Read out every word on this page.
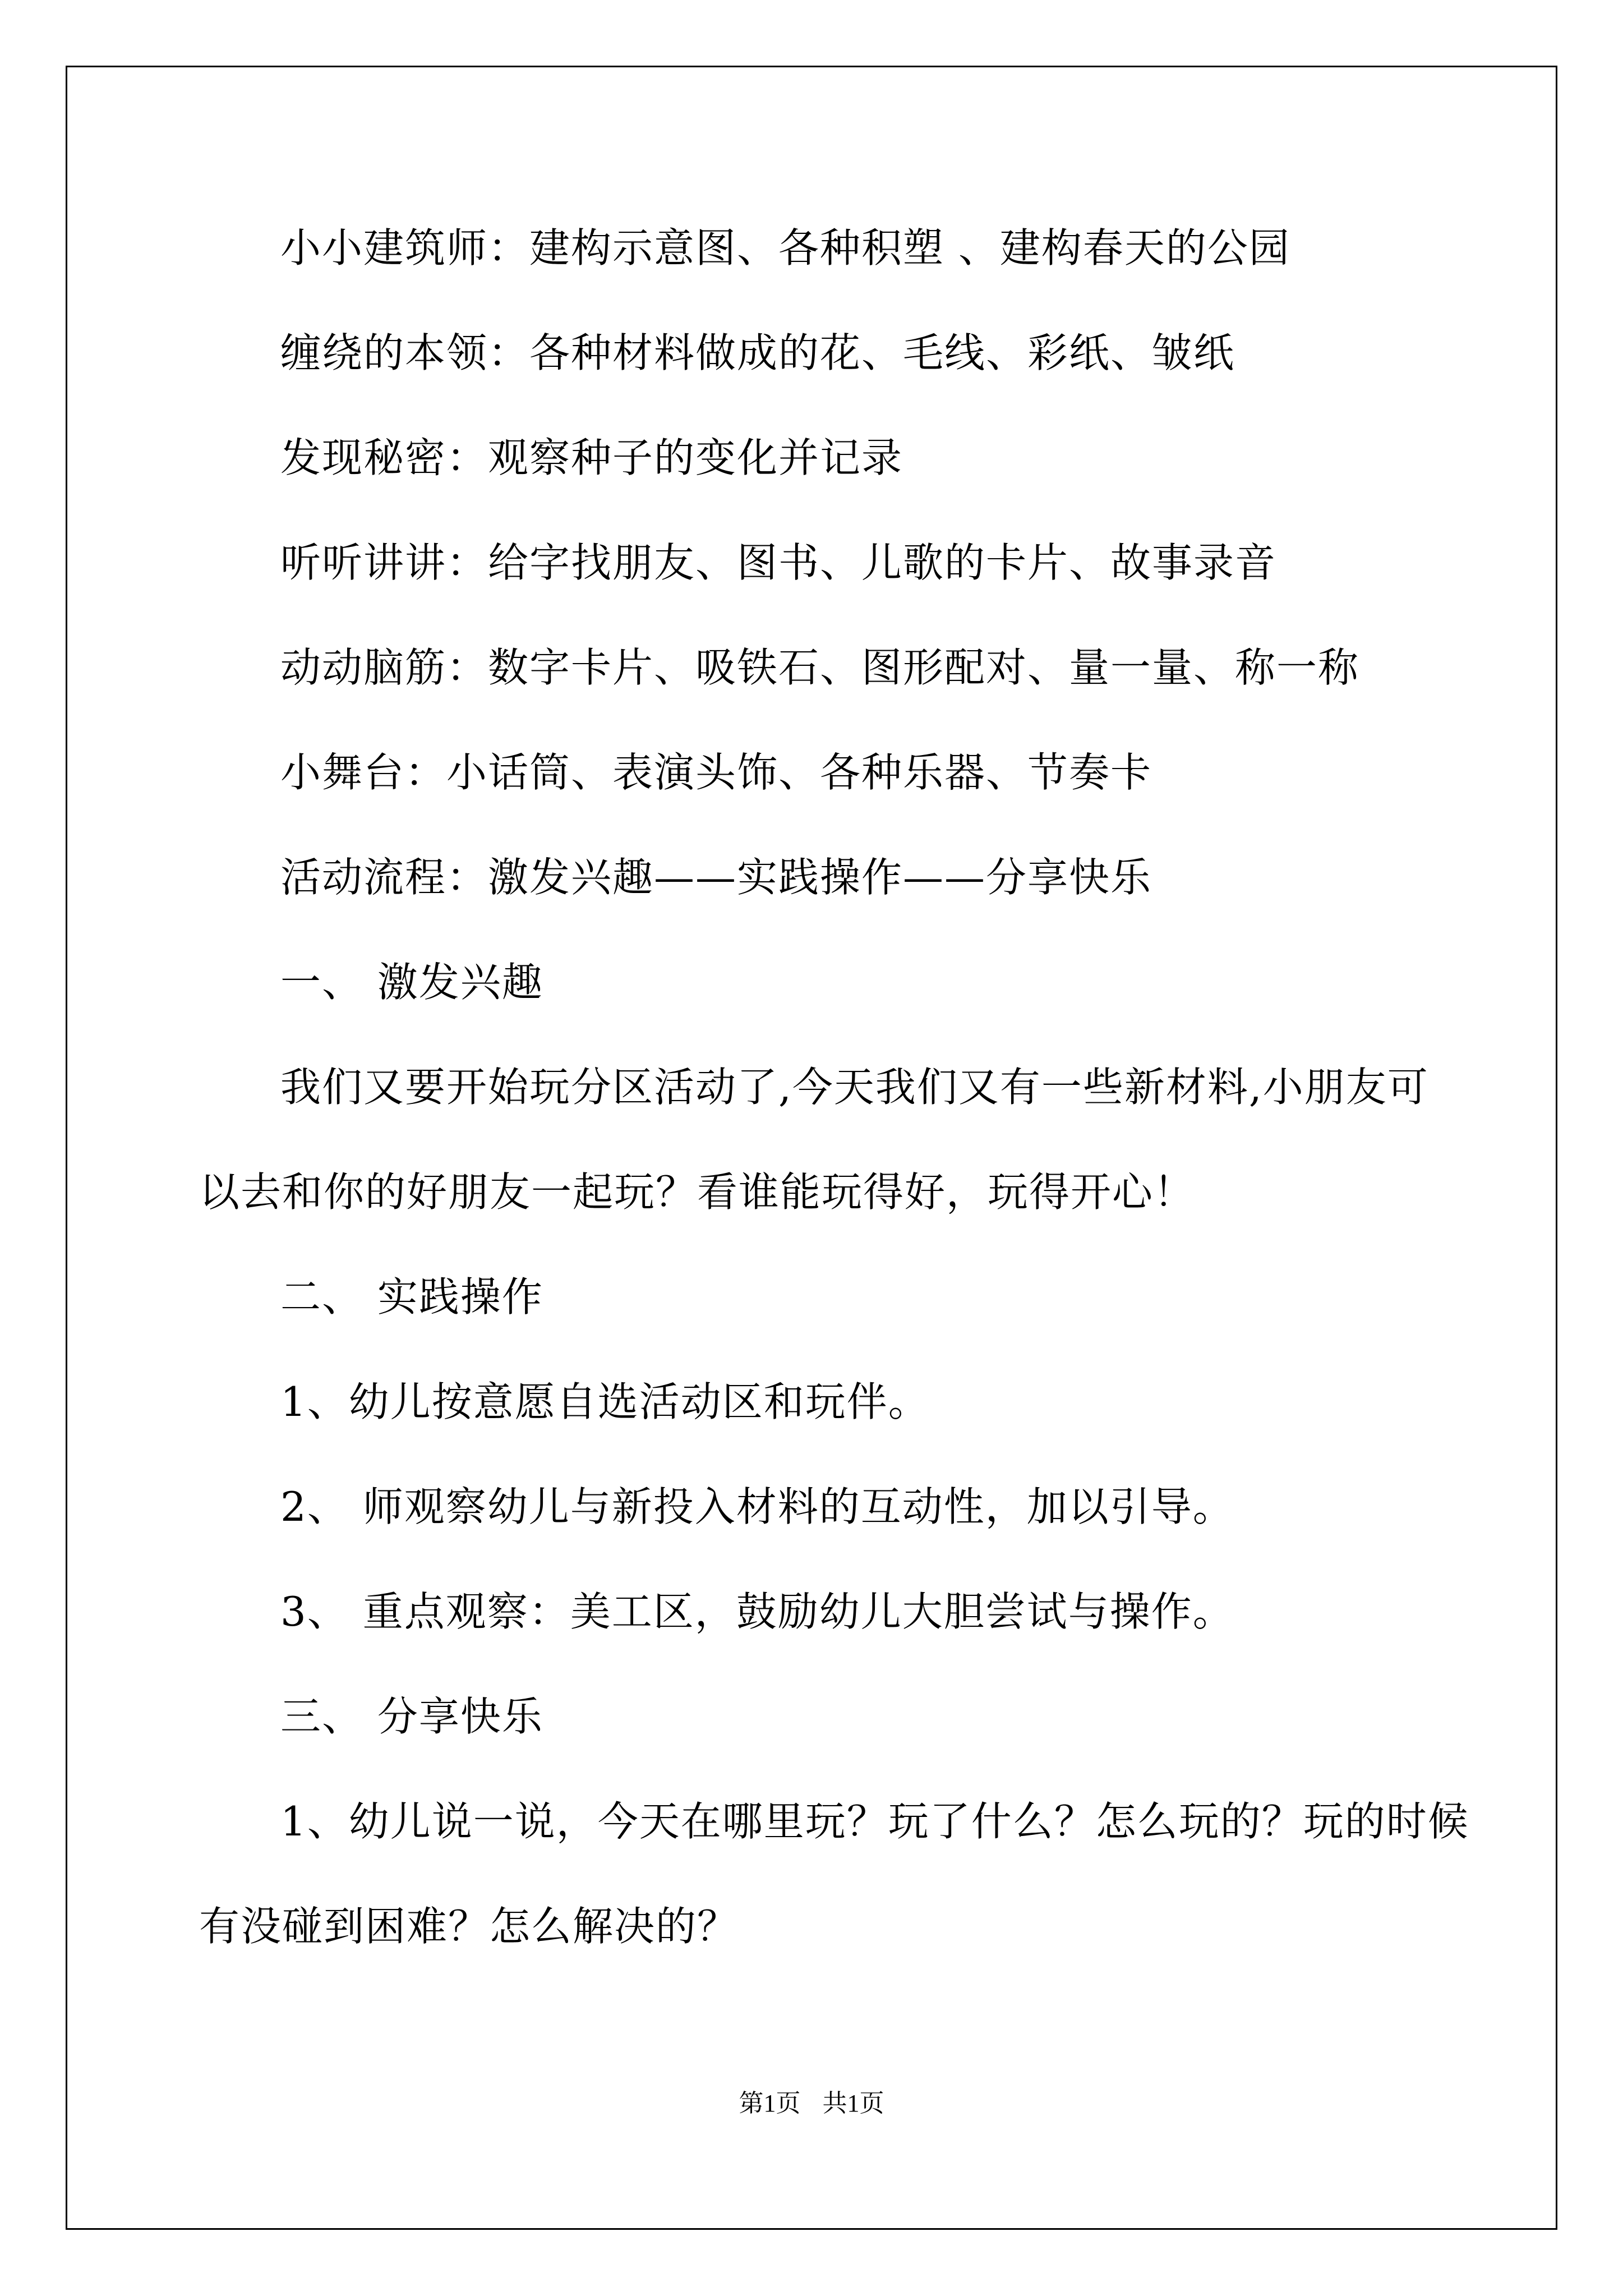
小小建筑师：建构示意图、各种积塑 、建构春天的公园

缠绕的本领：各种材料做成的花、毛线、彩纸、皱纸

发现秘密：观察种子的变化并记录

听听讲讲：给字找朋友、图书、儿歌的卡片、故事录音

动动脑筋：数字卡片、吸铁石、图形配对、量一量、称一称

小舞台：小话筒、表演头饰、各种乐器、节奏卡

活动流程：激发兴趣——实践操作——分享快乐

一、 激发兴趣

我们又要开始玩分区活动了,今天我们又有一些新材料,小朋友可
以去和你的好朋友一起玩？看谁能玩得好，玩得开心！

二、 实践操作

1、幼儿按意愿自选活动区和玩伴。

2、 师观察幼儿与新投入材料的互动性，加以引导。

3、 重点观察：美工区，鼓励幼儿大胆尝试与操作。

三、 分享快乐

1、幼儿说一说，今天在哪里玩？玩了什么？怎么玩的？玩的时候
有没碰到困难？怎么解决的？

第1页 共1页
